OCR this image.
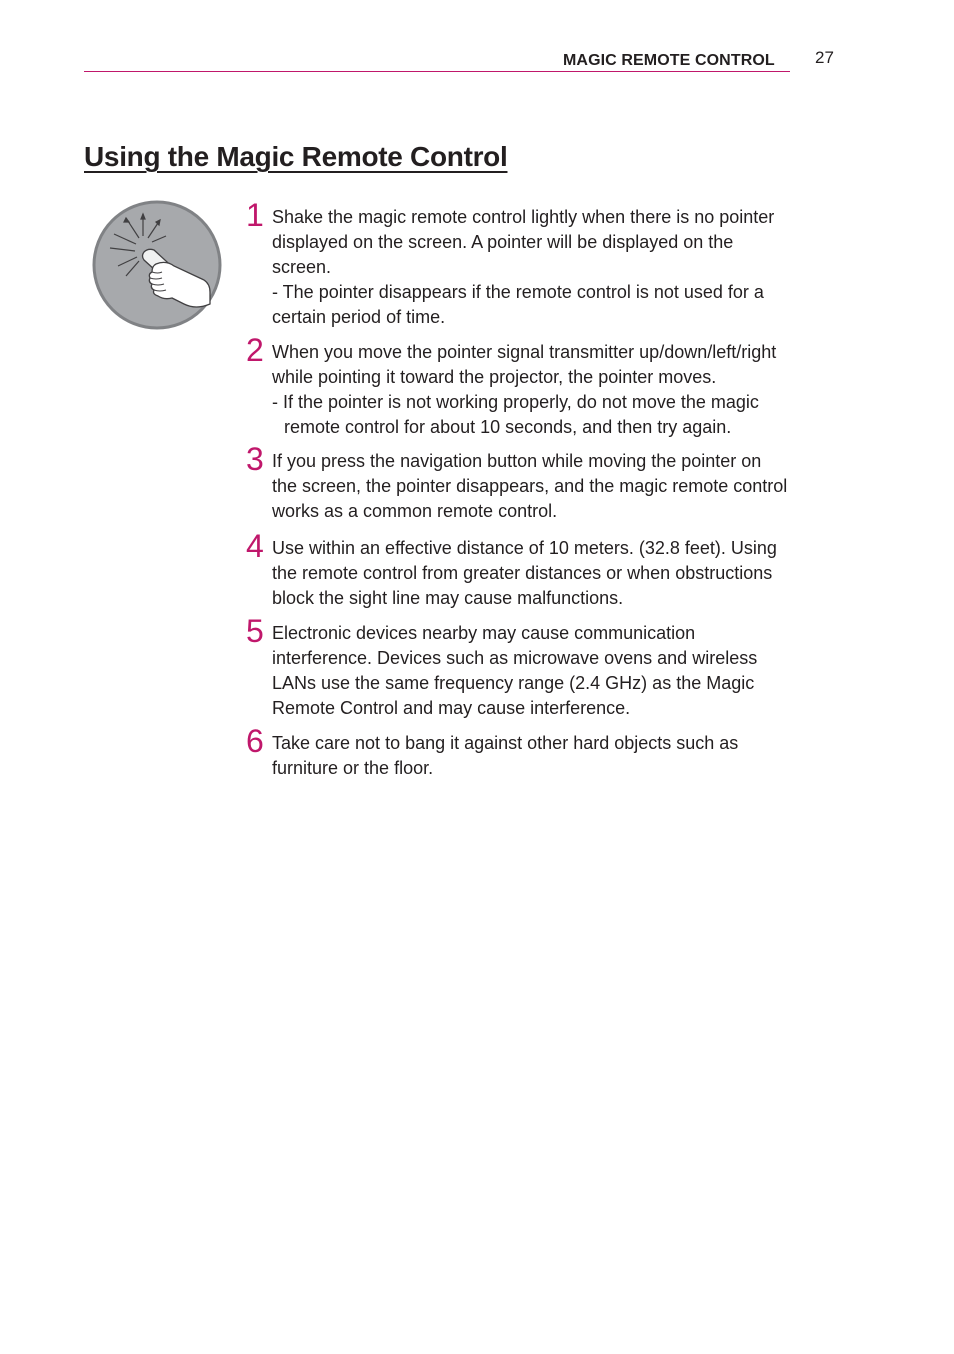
MAGIC REMOTE CONTROL 27
Using the Magic Remote Control
1 Shake the magic remote control lightly when there is no pointer
displayed on the screen. A pointer will be displayed on the
screen.
- The pointer disappears if the remote control is not used for a
certain period of time.
2 When you move the pointer signal transmitter up/down/left/right
while pointing it toward the projector, the pointer moves.
- If the pointer is not working properly, do not move the magic
remote control for about 10 seconds, and then try again.
3 If you press the navigation button while moving the pointer on
the screen, the pointer disappears, and the magic remote control
works as a common remote control.
4 Use within an effective distance of 10 meters. (32.8 feet). Using
the remote control from greater distances or when obstructions
block the sight line may cause malfunctions.
5 Electronic devices nearby may cause communication
interference. Devices such as microwave ovens and wireless
LANs use the same frequency range (2.4 GHz) as the Magic
Remote Control and may cause interference.
6 Take care not to bang it against other hard objects such as
furniture or the floor.
